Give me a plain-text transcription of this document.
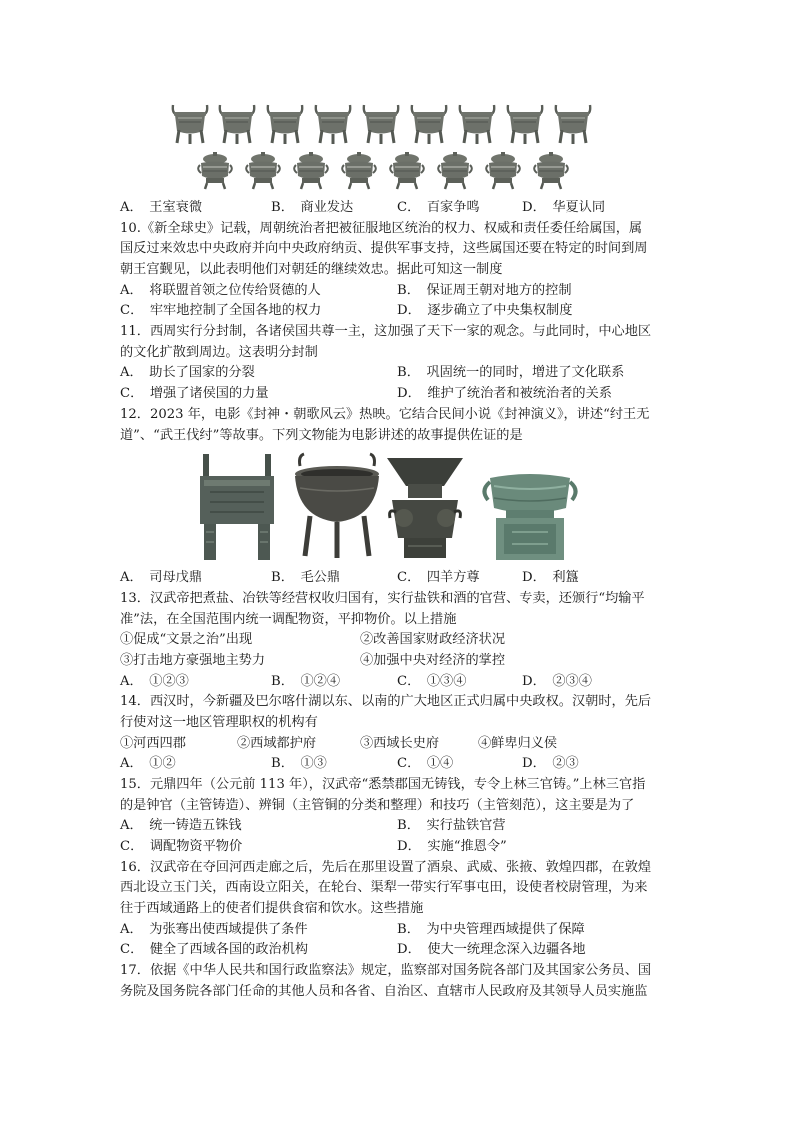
A．　王室衰微	B．　商业发达	C．　百家争鸣	D．　华夏认同
10.《新全球史》记载，周朝统治者把被征服地区统治的权力、权威和责任委任给属国，属
国反过来效忠中央政府并向中央政府纳贡、提供军事支持，这些属国还要在特定的时间到周
朝王宫觐见，以此表明他们对朝廷的继续效忠。据此可知这一制度
A．　将联盟首领之位传给贤德的人	B．　保证周王朝对地方的控制
C．　牢牢地控制了全国各地的权力	D．　逐步确立了中央集权制度
11．西周实行分封制，各诸侯国共尊一主，这加强了天下一家的观念。与此同时，中心地区
的文化扩散到周边。这表明分封制
A．　助长了国家的分裂	B．　巩固统一的同时，增进了文化联系
C．　增强了诸侯国的力量	D．　维护了统治者和被统治者的关系
12．2023 年，电影《封神・朝歌风云》热映。它结合民间小说《封神演义》，讲述“纣王无
道”、“武王伐纣”等故事。下列文物能为电影讲述的故事提供佐证的是
A．　司母戊鼎	B．　毛公鼎	C．　四羊方尊	D．　利簋
13．汉武帝把煮盐、冶铁等经营权收归国有，实行盐铁和酒的官营、专卖，还颁行“均输平
准”法，在全国范围内统一调配物资，平抑物价。以上措施
①促成“文景之治”出现	②改善国家财政经济状况
③打击地方豪强地主势力	④加强中央对经济的掌控
A．　①②③	B．　①②④	C．　①③④	D．　②③④
14．西汉时，今新疆及巴尔喀什湖以东、以南的广大地区正式归属中央政权。汉朝时，先后
行使对这一地区管理职权的机构有
①河西四郡	②西域都护府	③西域长史府	④鲜卑归义侯
A．　①②	B．　①③	C．　①④	D．　②③
15．元鼎四年（公元前 113 年），汉武帝“悉禁郡国无铸钱，专令上林三官铸。”上林三官指
的是钟官（主管铸造）、辨铜（主管铜的分类和整理）和技巧（主管刻范），这主要是为了
A．　统一铸造五铢钱	B．　实行盐铁官营
C．　调配物资平物价	D．　实施“推恩令”
16．汉武帝在夺回河西走廊之后，先后在那里设置了酒泉、武威、张掖、敦煌四郡，在敦煌
西北设立玉门关，西南设立阳关，在轮台、渠犁一带实行军事屯田，设使者校尉管理，为来
往于西域通路上的使者们提供食宿和饮水。这些措施
A．　为张骞出使西域提供了条件	B．　为中央管理西域提供了保障
C．　健全了西域各国的政治机构	D．　使大一统理念深入边疆各地
17．依据《中华人民共和国行政监察法》规定，监察部对国务院各部门及其国家公务员、国
务院及国务院各部门任命的其他人员和各省、自治区、直辖市人民政府及其领导人员实施监
